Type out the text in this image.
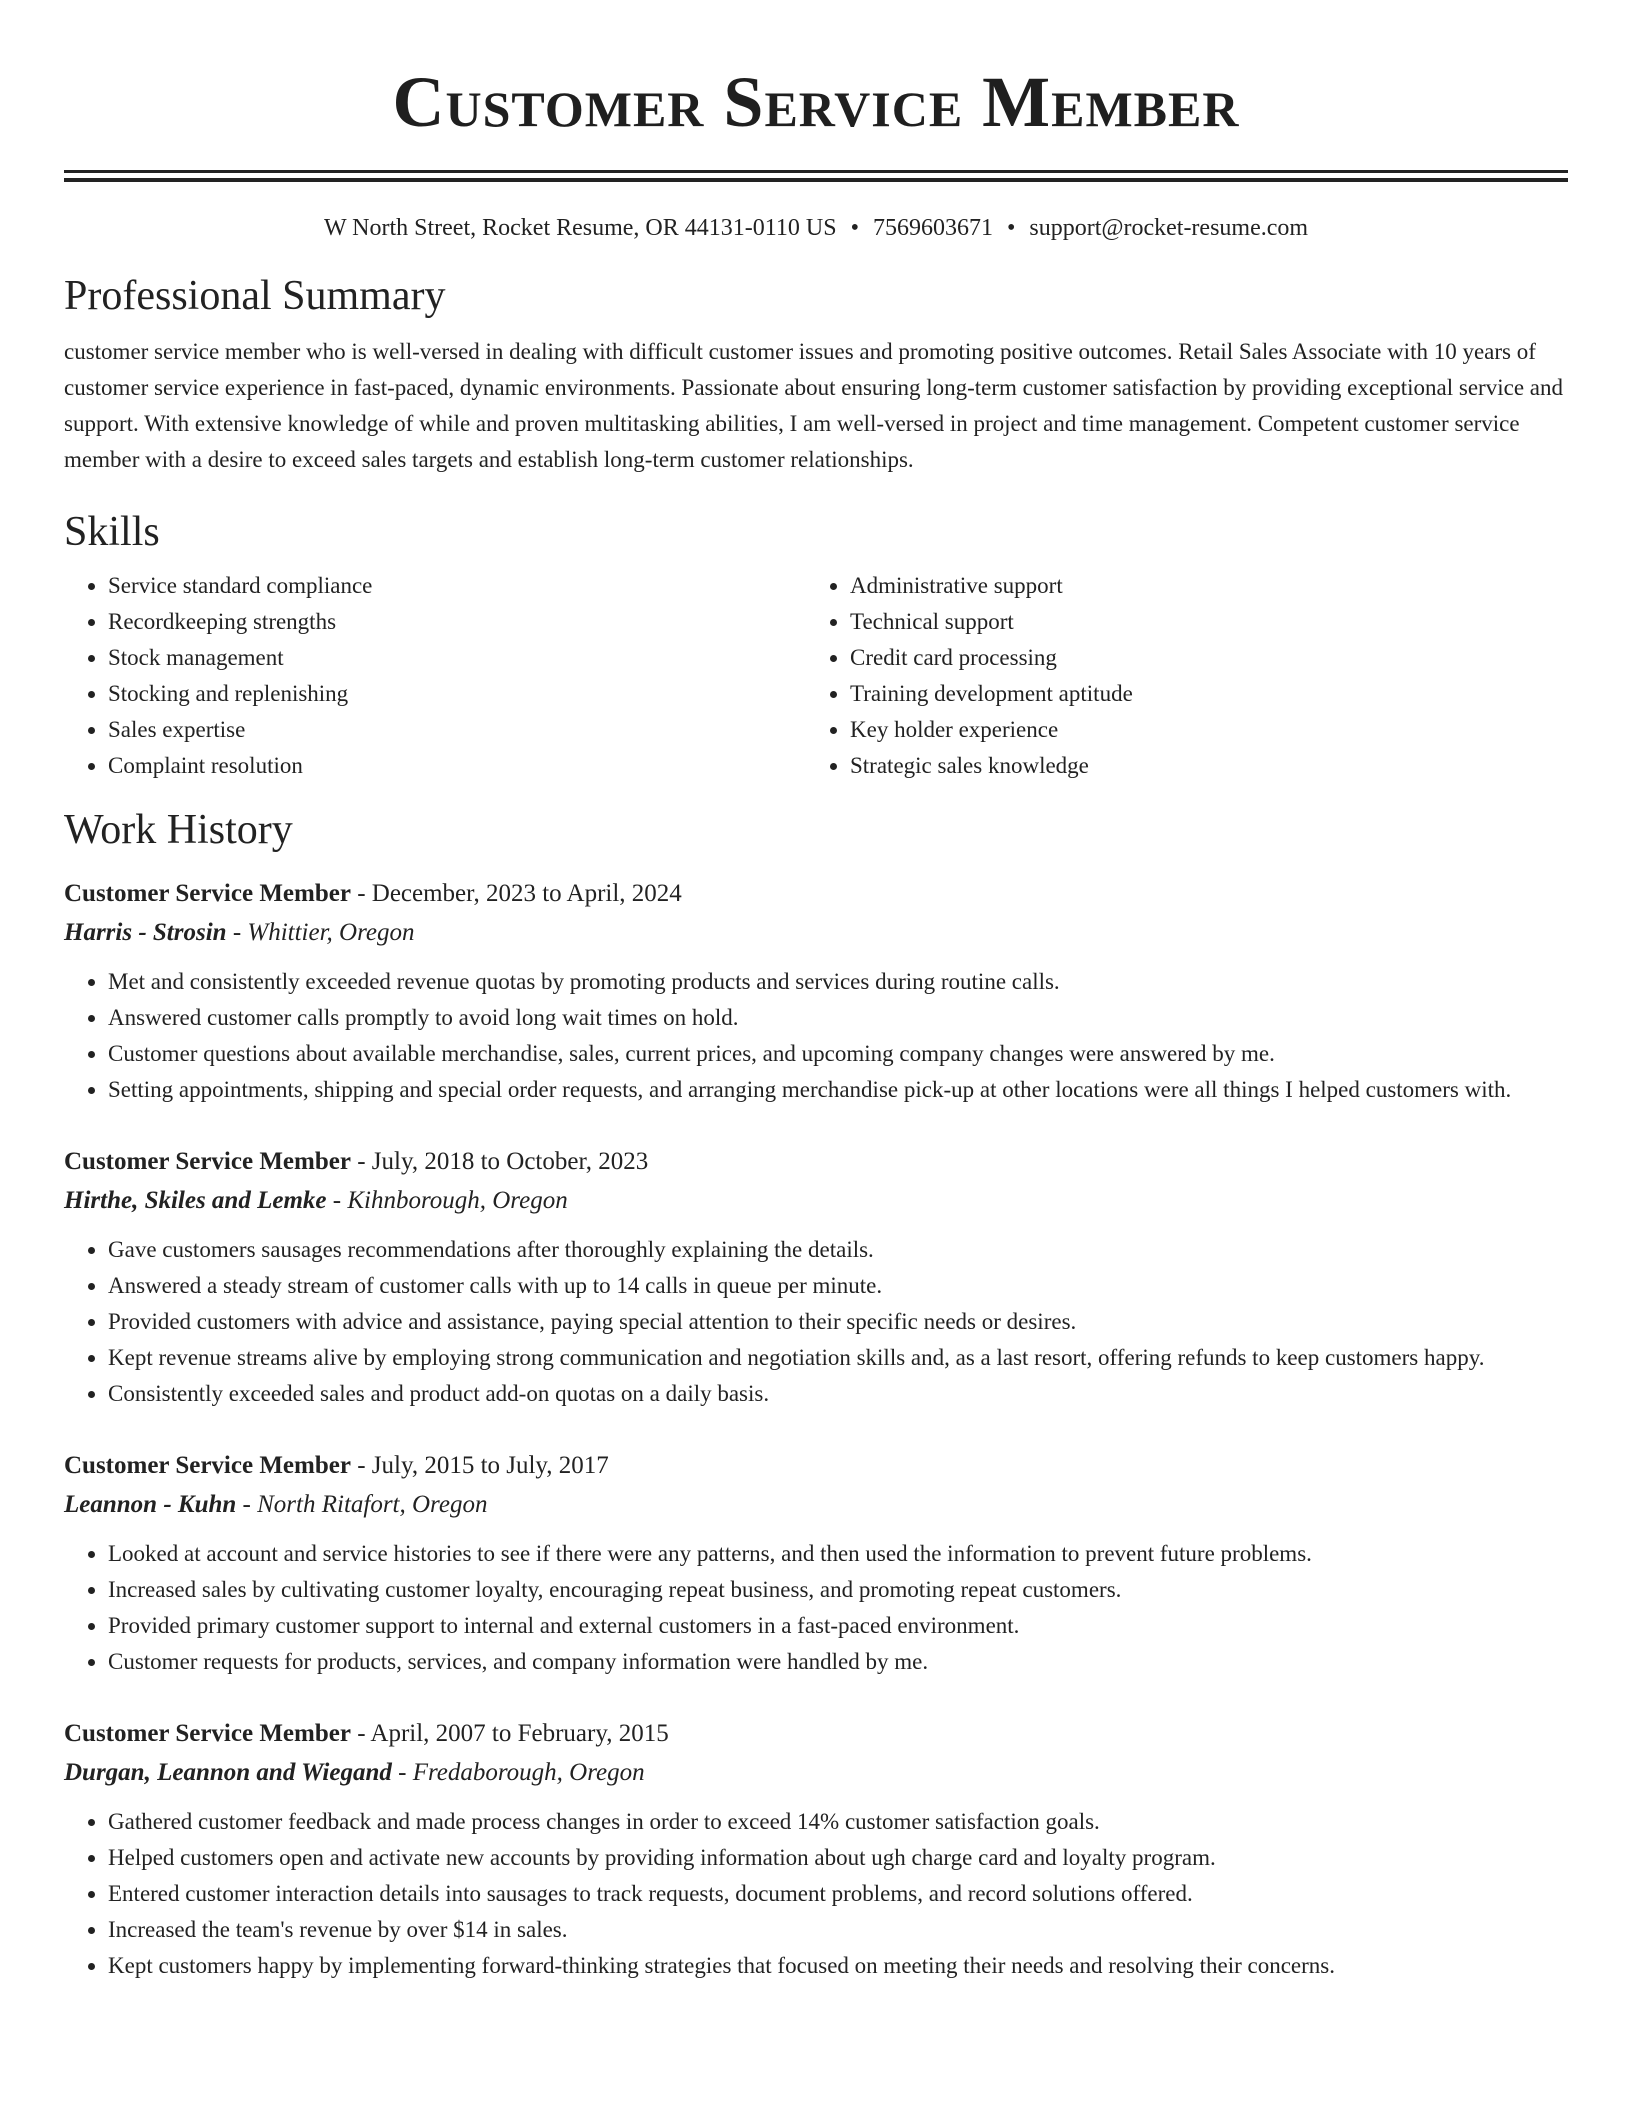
Customer Service Member
W North Street, Rocket Resume, OR 44131-0110 US • 7569603671 • support@rocket-resume.com
Professional Summary
customer service member who is well-versed in dealing with difficult customer issues and promoting positive outcomes. Retail Sales Associate with 10 years of customer service experience in fast-paced, dynamic environments. Passionate about ensuring long-term customer satisfaction by providing exceptional service and support. With extensive knowledge of while and proven multitasking abilities, I am well-versed in project and time management. Competent customer service member with a desire to exceed sales targets and establish long-term customer relationships.
Skills
• Service standard compliance
• Recordkeeping strengths
• Stock management
• Stocking and replenishing
• Sales expertise
• Complaint resolution
• Administrative support
• Technical support
• Credit card processing
• Training development aptitude
• Key holder experience
• Strategic sales knowledge
Work History
Customer Service Member - December, 2023 to April, 2024
Harris - Strosin - Whittier, Oregon
• Met and consistently exceeded revenue quotas by promoting products and services during routine calls.
• Answered customer calls promptly to avoid long wait times on hold.
• Customer questions about available merchandise, sales, current prices, and upcoming company changes were answered by me.
• Setting appointments, shipping and special order requests, and arranging merchandise pick-up at other locations were all things I helped customers with.
Customer Service Member - July, 2018 to October, 2023
Hirthe, Skiles and Lemke - Kihnborough, Oregon
• Gave customers sausages recommendations after thoroughly explaining the details.
• Answered a steady stream of customer calls with up to 14 calls in queue per minute.
• Provided customers with advice and assistance, paying special attention to their specific needs or desires.
• Kept revenue streams alive by employing strong communication and negotiation skills and, as a last resort, offering refunds to keep customers happy.
• Consistently exceeded sales and product add-on quotas on a daily basis.
Customer Service Member - July, 2015 to July, 2017
Leannon - Kuhn - North Ritafort, Oregon
• Looked at account and service histories to see if there were any patterns, and then used the information to prevent future problems.
• Increased sales by cultivating customer loyalty, encouraging repeat business, and promoting repeat customers.
• Provided primary customer support to internal and external customers in a fast-paced environment.
• Customer requests for products, services, and company information were handled by me.
Customer Service Member - April, 2007 to February, 2015
Durgan, Leannon and Wiegand - Fredaborough, Oregon
• Gathered customer feedback and made process changes in order to exceed 14% customer satisfaction goals.
• Helped customers open and activate new accounts by providing information about ugh charge card and loyalty program.
• Entered customer interaction details into sausages to track requests, document problems, and record solutions offered.
• Increased the team's revenue by over $14 in sales.
• Kept customers happy by implementing forward-thinking strategies that focused on meeting their needs and resolving their concerns.
